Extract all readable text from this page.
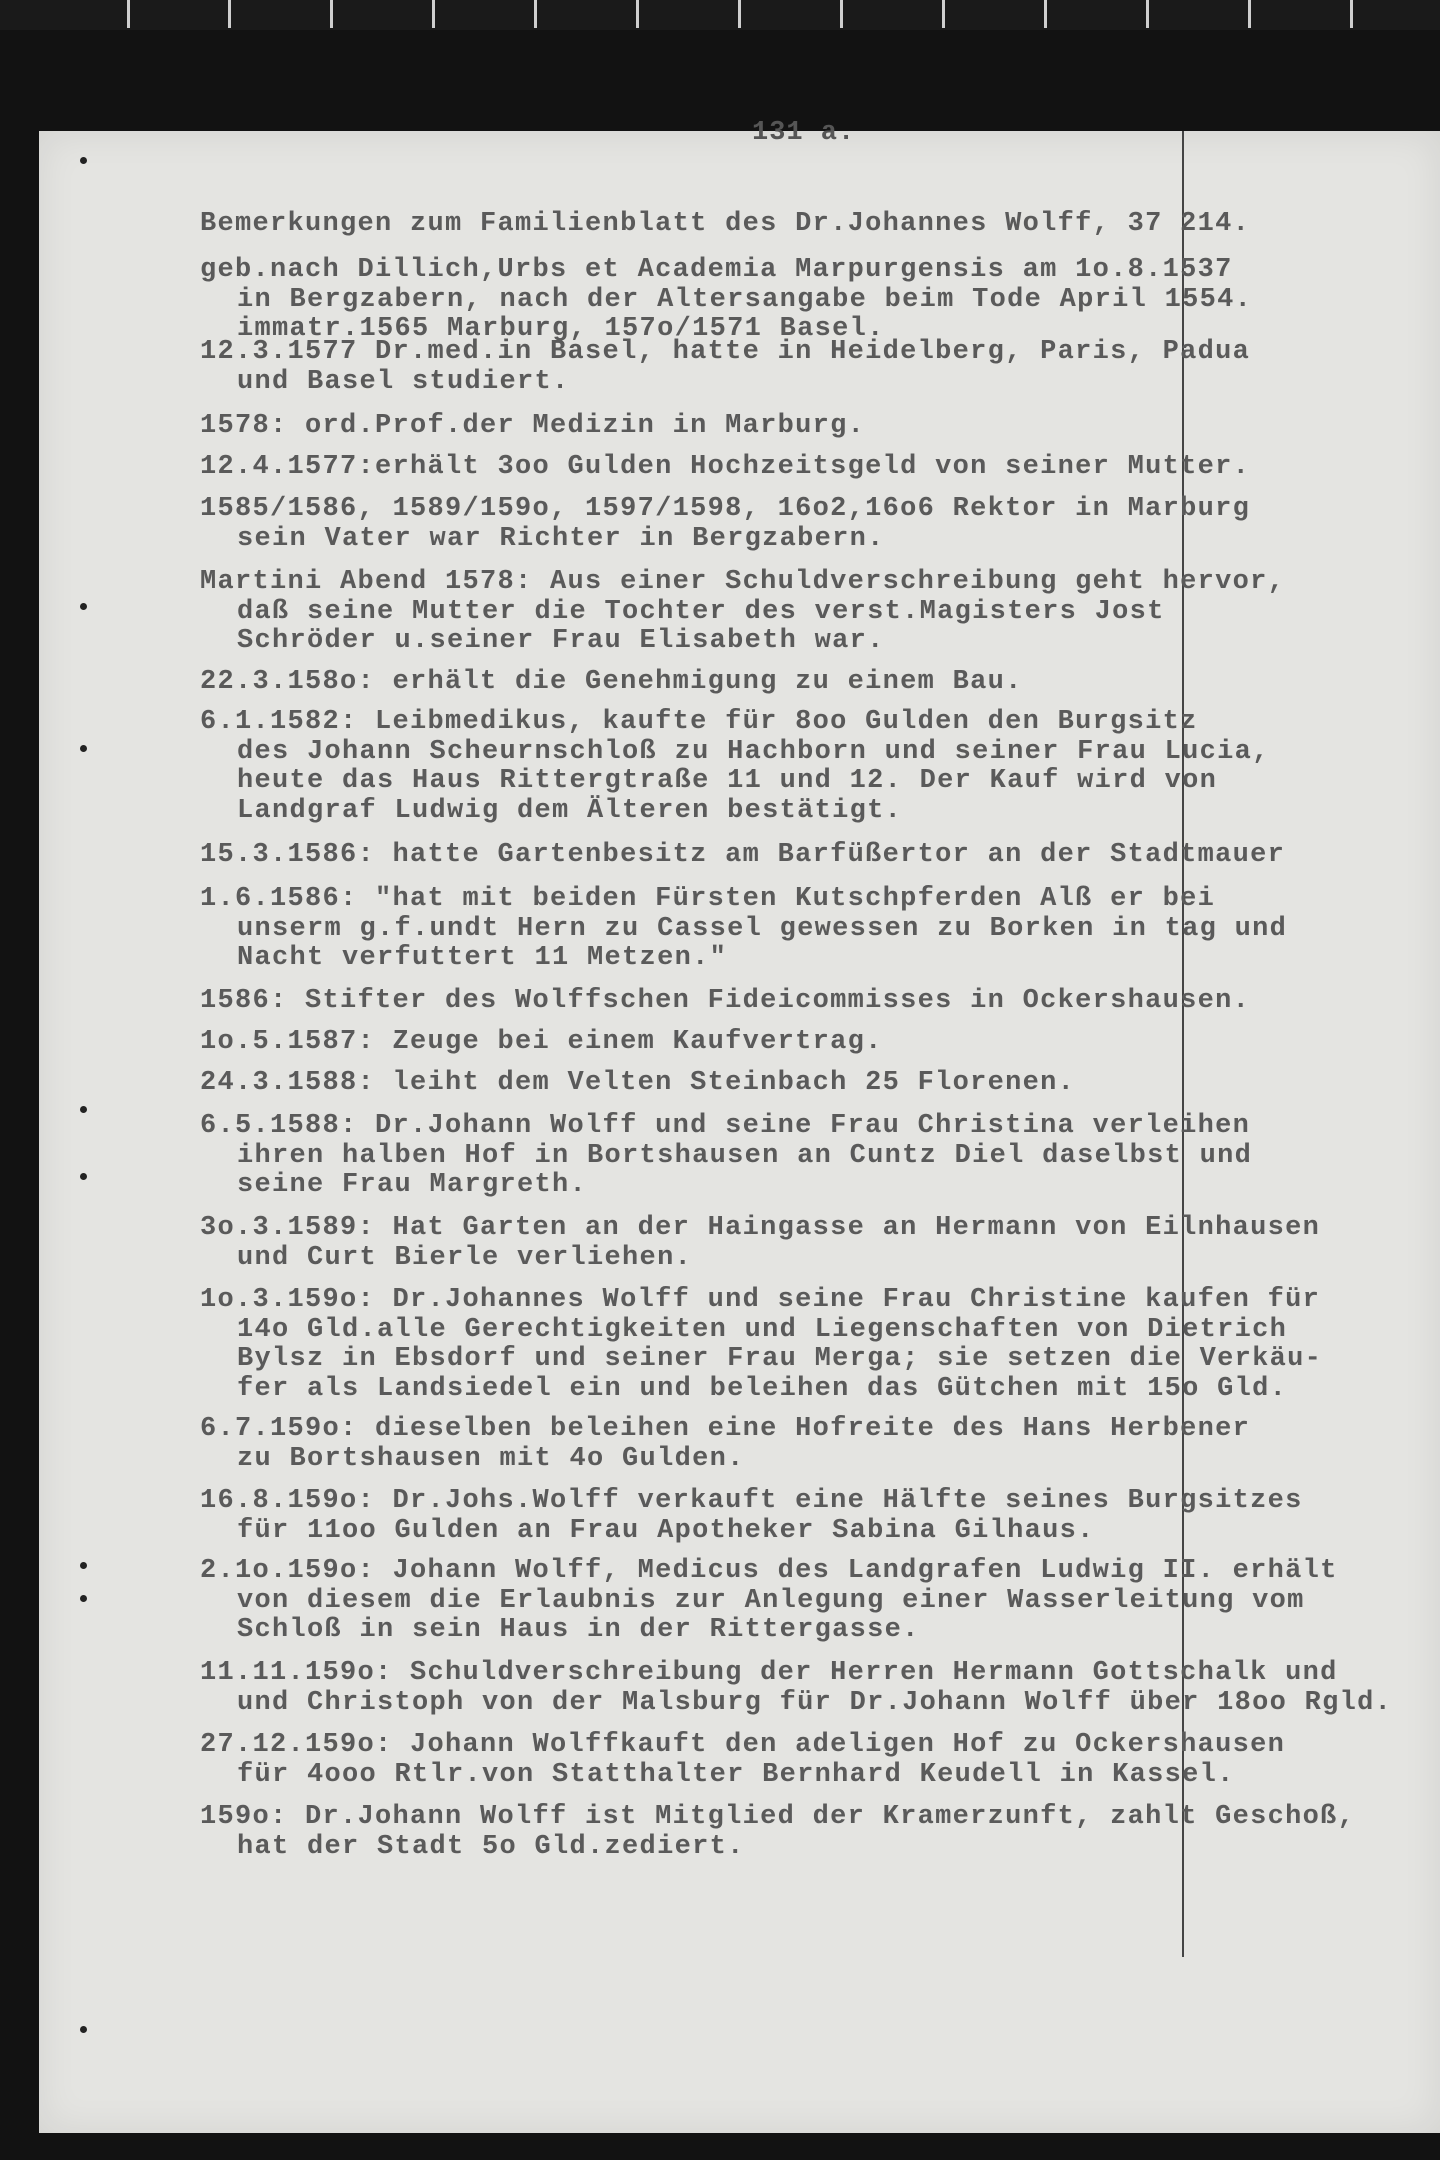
131 a.
Bemerkungen zum Familienblatt des Dr.Johannes Wolff, 37 214.
geb.nach Dillich,Urbs et Academia Marpurgensis am 1o.8.1537
in Bergzabern, nach der Altersangabe beim Tode April 1554.
immatr.1565 Marburg, 157o/1571 Basel.
12.3.1577 Dr.med.in Basel, hatte in Heidelberg, Paris, Padua
und Basel studiert.
1578: ord.Prof.der Medizin in Marburg.
12.4.1577:erhält 3oo Gulden Hochzeitsgeld von seiner Mutter.
1585/1586, 1589/159o, 1597/1598, 16o2,16o6 Rektor in Marburg
sein Vater war Richter in Bergzabern.
Martini Abend 1578: Aus einer Schuldverschreibung geht hervor,
daß seine Mutter die Tochter des verst.Magisters Jost
Schröder u.seiner Frau Elisabeth war.
22.3.158o: erhält die Genehmigung zu einem Bau.
6.1.1582: Leibmedikus, kaufte für 8oo Gulden den Burgsitz
des Johann Scheurnschloß zu Hachborn und seiner Frau Lucia,
heute das Haus Rittergtraße 11 und 12. Der Kauf wird von
Landgraf Ludwig dem Älteren bestätigt.
15.3.1586: hatte Gartenbesitz am Barfüßertor an der Stadtmauer
1.6.1586: "hat mit beiden Fürsten Kutschpferden Alß er bei
unserm g.f.undt Hern zu Cassel gewessen zu Borken in tag und
Nacht verfuttert 11 Metzen."
1586: Stifter des Wolffschen Fideicommisses in Ockershausen.
1o.5.1587: Zeuge bei einem Kaufvertrag.
24.3.1588: leiht dem Velten Steinbach 25 Florenen.
6.5.1588: Dr.Johann Wolff und seine Frau Christina verleihen
ihren halben Hof in Bortshausen an Cuntz Diel daselbst und
seine Frau Margreth.
3o.3.1589: Hat Garten an der Haingasse an Hermann von Eilnhausen
und Curt Bierle verliehen.
1o.3.159o: Dr.Johannes Wolff und seine Frau Christine kaufen für
14o Gld.alle Gerechtigkeiten und Liegenschaften von Dietrich
Bylsz in Ebsdorf und seiner Frau Merga; sie setzen die Verkäu-
fer als Landsiedel ein und beleihen das Gütchen mit 15o Gld.
6.7.159o: dieselben beleihen eine Hofreite des Hans Herbener
zu Bortshausen mit 4o Gulden.
16.8.159o: Dr.Johs.Wolff verkauft eine Hälfte seines Burgsitzes
für 11oo Gulden an Frau Apotheker Sabina Gilhaus.
2.1o.159o: Johann Wolff, Medicus des Landgrafen Ludwig II. erhält
von diesem die Erlaubnis zur Anlegung einer Wasserleitung vom
Schloß in sein Haus in der Rittergasse.
11.11.159o: Schuldverschreibung der Herren Hermann Gottschalk und
und Christoph von der Malsburg für Dr.Johann Wolff über 18oo Rgld.
27.12.159o: Johann Wolffkauft den adeligen Hof zu Ockershausen
für 4ooo Rtlr.von Statthalter Bernhard Keudell in Kassel.
159o: Dr.Johann Wolff ist Mitglied der Kramerzunft, zahlt Geschoß,
hat der Stadt 5o Gld.zediert.
